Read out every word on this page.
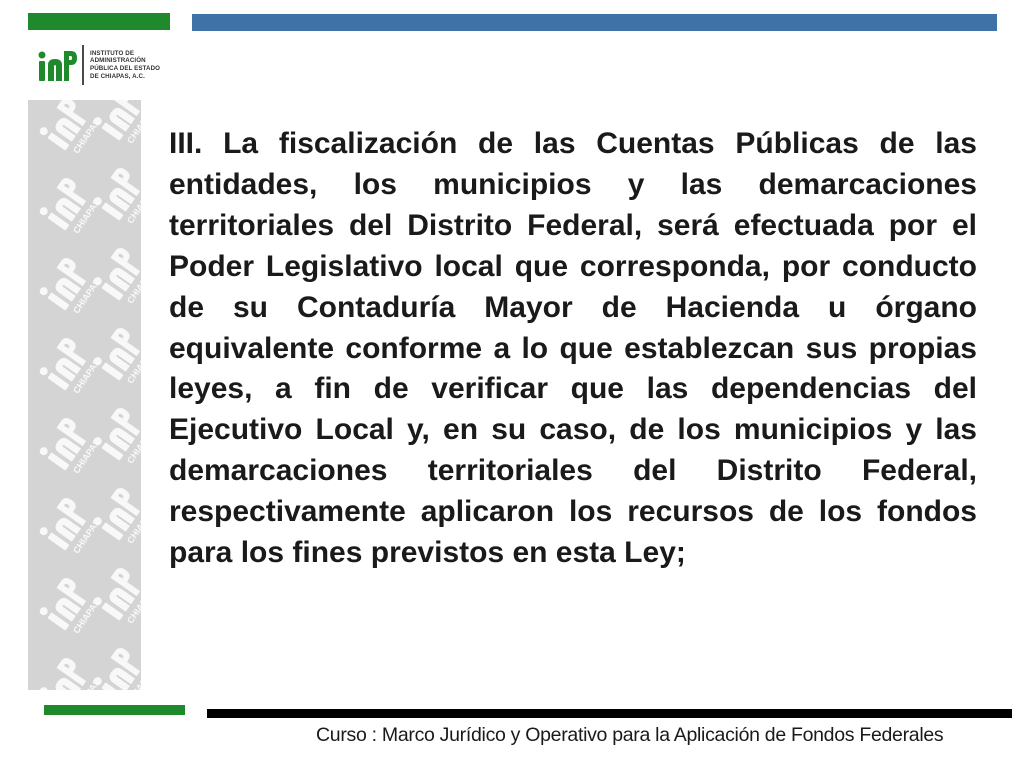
INSTITUTO DE
ADMINISTRACIÓN
PÚBLICA DEL ESTADO
DE CHIAPAS, A.C.
CHIAPAS	III. La fiscalización de las Cuentas Públicas de las entidades, los municipios y las demarcaciones territoriales del Distrito Federal, será efectuada por el Poder Legislativo local que corresponda, por conducto de su Contaduría Mayor de Hacienda u órgano equivalente conforme a lo que establezcan sus propias leyes, a fin de verificar que las dependencias del Ejecutivo Local y, en su caso, de los municipios y las demarcaciones territoriales del Distrito Federal, respectivamente aplicaron los recursos de los fondos para los fines previstos en esta Ley;

Curso : Marco Jurídico y Operativo para la Aplicación de Fondos Federales
